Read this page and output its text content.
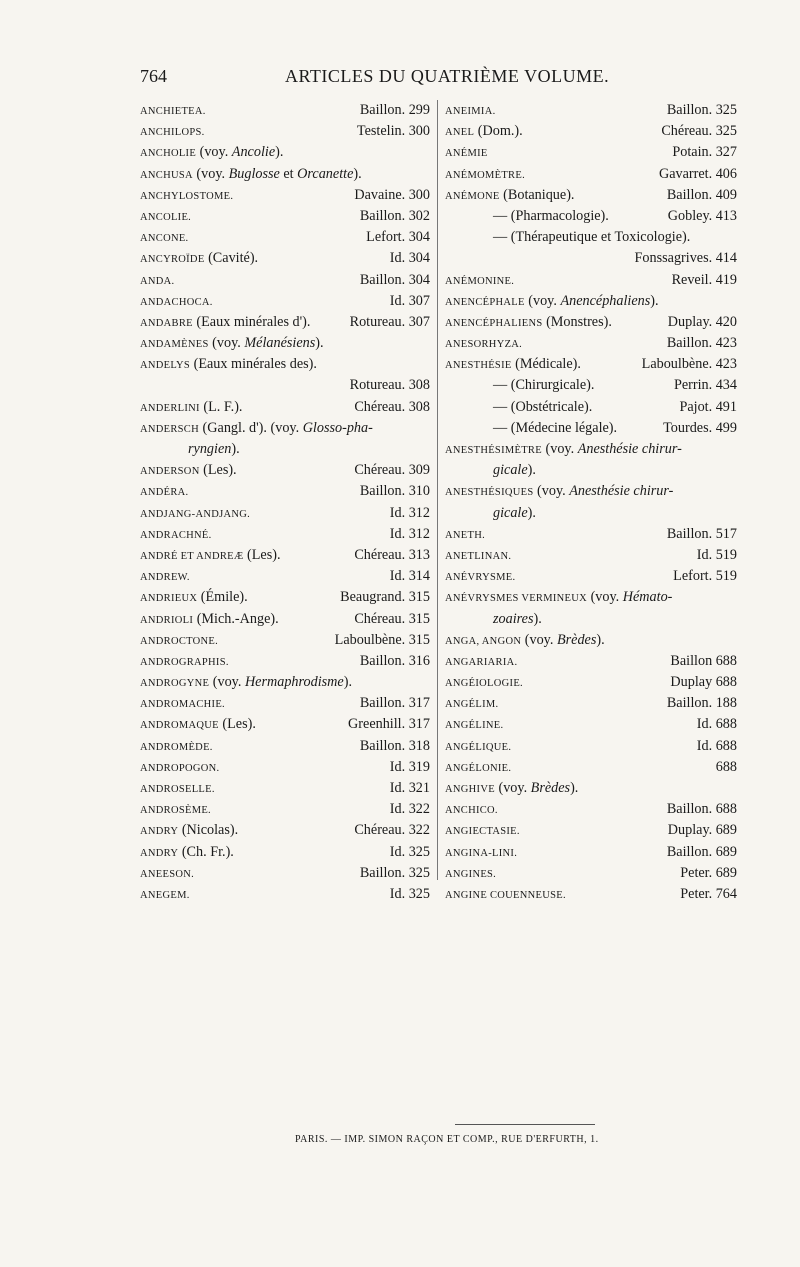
764	ARTICLES DU QUATRIÈME VOLUME.
ANCHIETEA.	Baillon. 299
ANCHILOPS.	Testelin. 300
ANCHOLIE (voy. Ancolie).
ANCHUSA (voy. Buglosse et Orcanette).
ANCHYLOSTOME.	Davaine. 300
ANCOLIE.	Baillon. 302
ANCONE.	Lefort. 304
ANCYROÏDE (Cavité).	Id. 304
ANDA.	Baillon. 304
ANDACHOCA.	Id. 307
ANDABRE (Eaux minérales d').	Rotureau. 307
ANDAMÈNES (voy. Mélanésiens).
ANDELYS (Eaux minérales des).
Rotureau. 308
ANDERLINI (L. F.).	Chéreau. 308
ANDERSCH (Gangl. d'). (voy. Glosso-pha-
ryngien).
ANDERSON (Les).	Chéreau. 309
ANDÉRA.	Baillon. 310
ANDJANG-ANDJANG.	Id. 312
ANDRACHNÉ.	Id. 312
ANDRÉ ET ANDREÆ (Les).	Chéreau. 313
ANDREW.	Id. 314
ANDRIEUX (Émile).	Beaugrand. 315
ANDRIOLI (Mich.-Ange).	Chéreau. 315
ANDROCTONE.	Laboulbène. 315
ANDROGRAPHIS.	Baillon. 316
ANDROGYNE (voy. Hermaphrodisme).
ANDROMACHIE.	Baillon. 317
ANDROMAQUE (Les).	Greenhill. 317
ANDROMÈDE.	Baillon. 318
ANDROPOGON.	Id. 319
ANDROSELLE.	Id. 321
ANDROSÈME.	Id. 322
ANDRY (Nicolas).	Chéreau. 322
ANDRY (Ch. Fr.).	Id. 325
ANEESON.	Baillon. 325
ANEGEM.	Id. 325
ANEIMIA.	Baillon. 325
ANEL (Dom.).	Chéreau. 325
ANÉMIE	Potain. 327
ANÉMOMÈTRE.	Gavarret. 406
ANÉMONE (Botanique).	Baillon. 409
— (Pharmacologie).	Gobley. 413
— (Thérapeutique et Toxicologie).
Fonssagrives. 414
ANÉMONINE.	Reveil. 419
ANENCÉPHALE (voy. Anencéphaliens).
ANENCÉPHALIENS (Monstres).	Duplay. 420
ANESORHYZA.	Baillon. 423
ANESTHÉSIE (Médicale).	Laboulbène. 423
— (Chirurgicale).	Perrin. 434
— (Obstétricale).	Pajot. 491
— (Médecine légale).	Tourdes. 499
ANESTHÉSIMÈTRE (voy. Anesthésie chirur-
gicale).
ANESTHÉSIQUES (voy. Anesthésie chirur-
gicale).
ANETH.	Baillon. 517
ANETLINAN.	Id. 519
ANÉVRYSME.	Lefort. 519
ANÉVRYSMES VERMINEUX (voy. Hémato-
zoaires).
ANGA, ANGON (voy. Brèdes).
ANGARIARIA.	Baillon 688
ANGÉIOLOGIE.	Duplay 688
ANGÉLIM.	Baillon. 188
ANGÉLINE.	Id. 688
ANGÉLIQUE.	Id. 688
ANGÉLONIE.	688
ANGHIVE (voy. Brèdes).
ANCHICO.	Baillon. 688
ANGIECTASIE.	Duplay. 689
ANGINA-LINI.	Baillon. 689
ANGINES.	Peter. 689
ANGINE COUENNEUSE.	Peter. 764
PARIS. — IMP. SIMON RAÇON ET COMP., RUE D'ERFURTH, 1.
